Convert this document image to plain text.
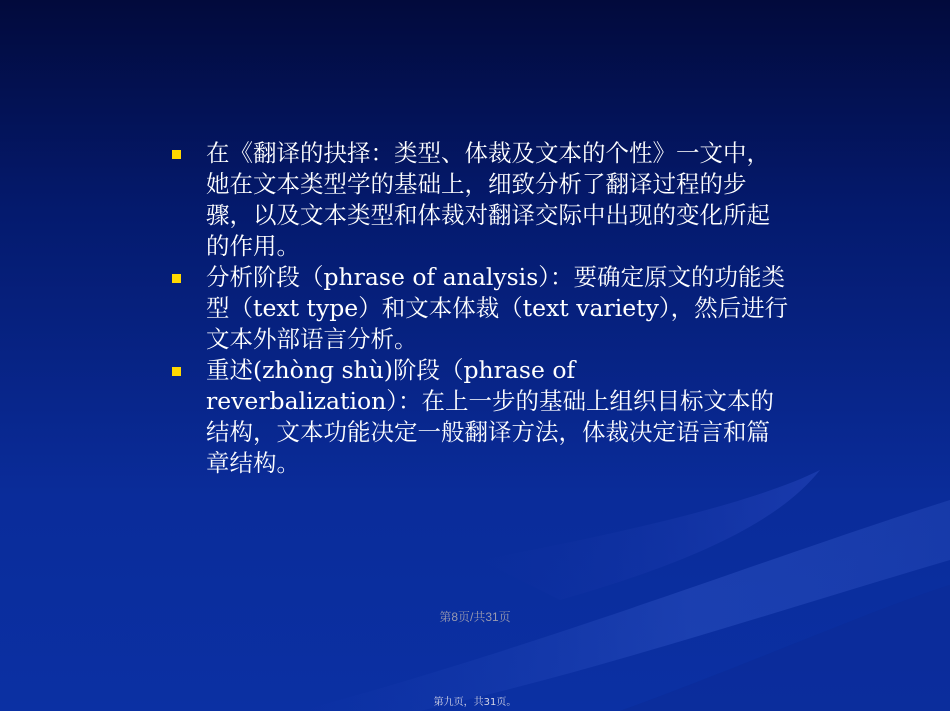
在《翻译的抉择：类型、体裁及文本的个性》一文中，她在文本类型学的基础上，细致分析了翻译过程的步骤，以及文本类型和体裁对翻译交际中出现的变化所起的作用。
分析阶段（phrase of analysis）：要确定原文的功能类型（text type）和文本体裁（text variety），然后进行文本外部语言分析。
重述(zhònɡ shù)阶段（phrase of reverbalization）：在上一步的基础上组织目标文本的结构，文本功能决定一般翻译方法，体裁决定语言和篇章结构。
第8页/共31页
第九页，共31页。
